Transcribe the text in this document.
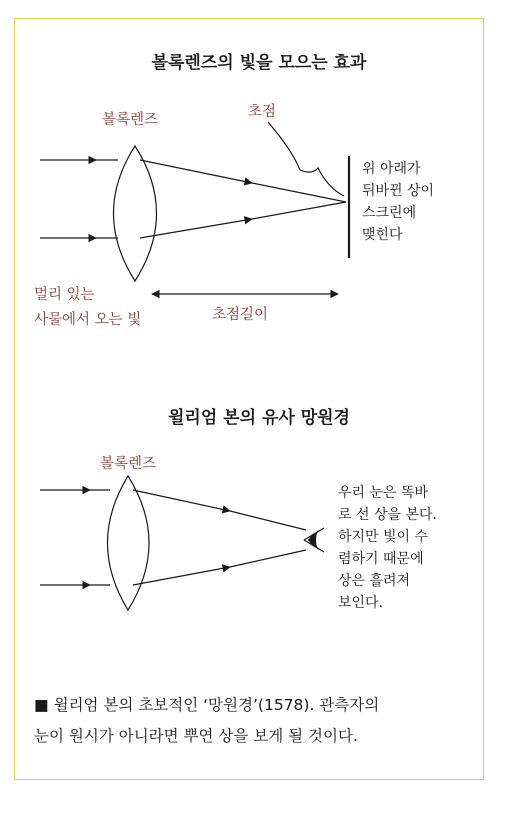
볼록렌즈의 빛을 모으는 효과
볼록렌즈	초점
위 아래가
뒤바뀐 상이
스크린에
맺힌다
멀리 있는
사물에서 오는 빛	초점길이
윌리엄 본의 유사 망원경
볼록렌즈
우리 눈은 똑바
로 선 상을 본다.
하지만 빛이 수
렴하기 때문에
상은 흘려져
보인다.
■ 윌리엄 본의 초보적인 ‘망원경’(1578). 관측자의
눈이 원시가 아니라면 뿌연 상을 보게 될 것이다.
